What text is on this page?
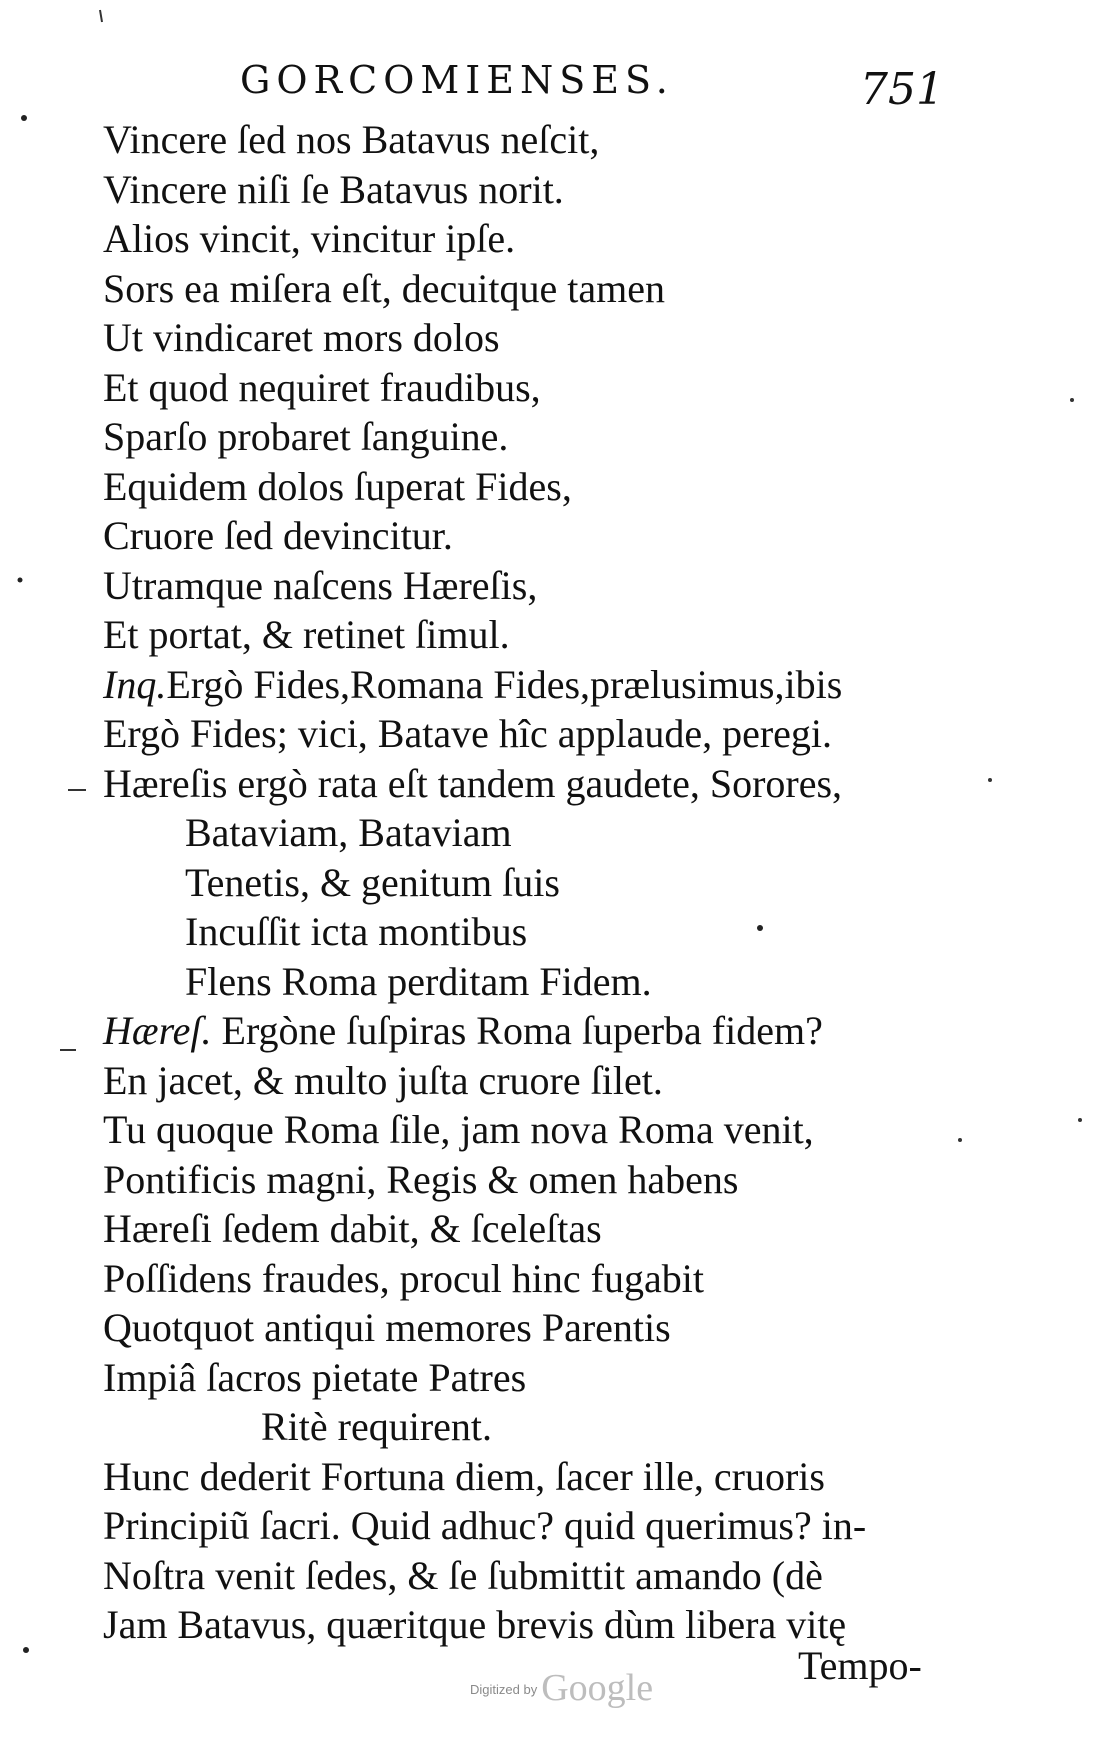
GORCOMIENSES.	751
Vincere ſed nos Batavus neſcit,
Vincere niſi ſe Batavus norit.
Alios vincit, vincitur ipſe.
Sors ea miſera eſt, decuitque tamen
Ut vindicaret mors dolos
Et quod nequiret fraudibus,
Sparſo probaret ſanguine.
Equidem dolos ſuperat Fides,
Cruore ſed devincitur.
Utramque naſcens Hæreſis,
Et portat, & retinet ſimul.
Inq.Ergò Fides,Romana Fides,prælusimus,ibis
Ergò Fides; vici, Batave hîc applaude, peregi.
Hæreſis ergò rata eſt tandem gaudete, Sorores,
Bataviam, Bataviam
Tenetis, & genitum ſuis
Incuſſit icta montibus
Flens Roma perditam Fidem.
Hæreſ. Ergòne ſuſpiras Roma ſuperba fidem?
En jacet, & multo juſta cruore ſilet.
Tu quoque Roma ſile, jam nova Roma venit,
Pontificis magni, Regis & omen habens
Hæreſi ſedem dabit, & ſceleſtas
Poſſidens fraudes, procul hinc fugabit
Quotquot antiqui memores Parentis
Impiâ ſacros pietate Patres
Ritè requirent.
Hunc dederit Fortuna diem, ſacer ille, cruoris
Principiũ ſacri. Quid adhuc? quid querimus? in-
Noſtra venit ſedes, & ſe ſubmittit amando (dè
Jam Batavus, quæritque brevis dùm libera vitę
Tempo-
$^{Digitized by}$ Google
